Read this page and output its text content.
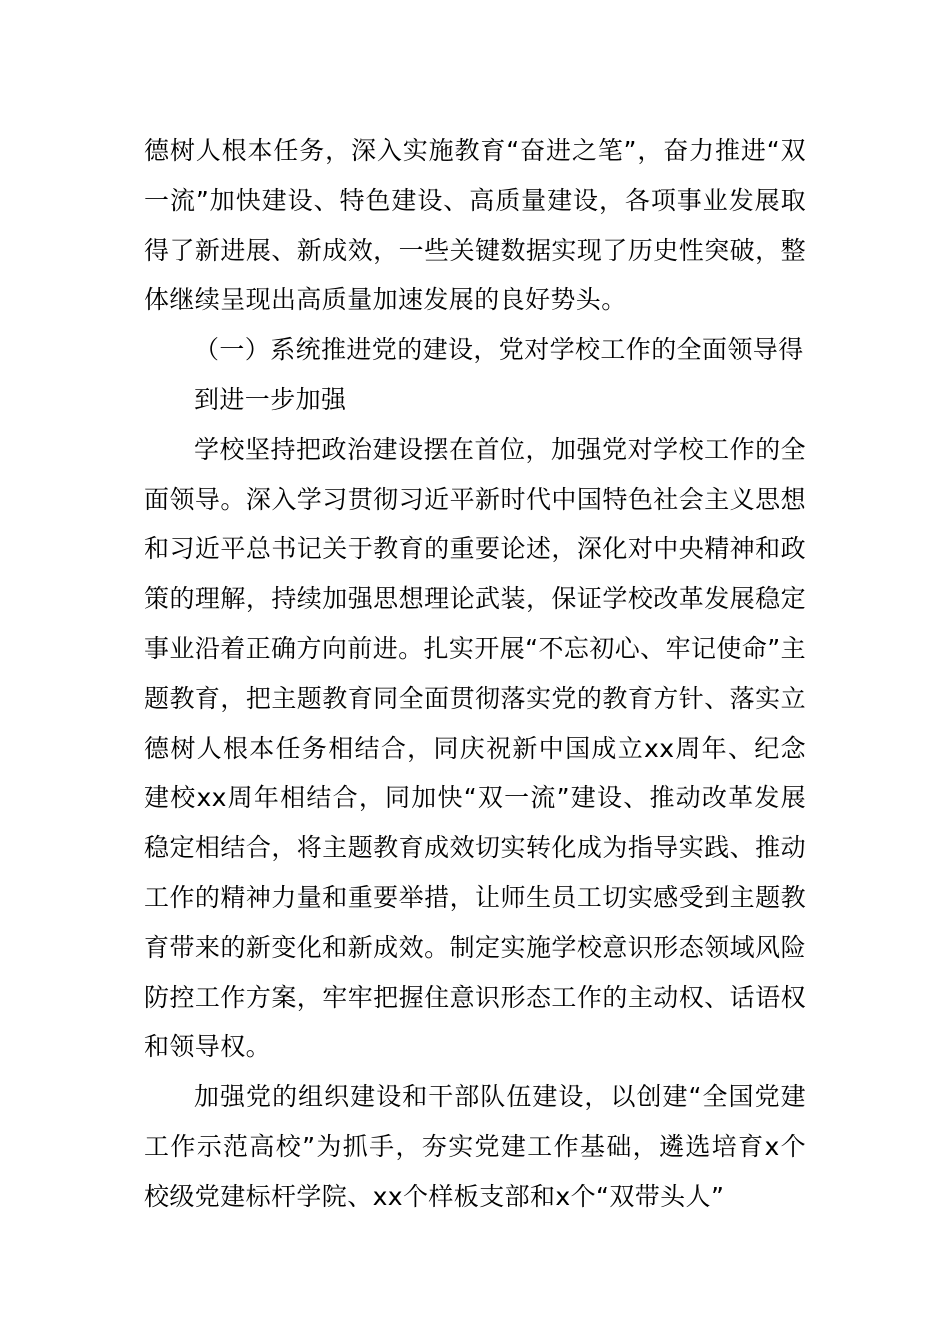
德树人根本任务，深入实施教育“奋进之笔”，奋力推进“双一流”加快建设、特色建设、高质量建设，各项事业发展取得了新进展、新成效，一些关键数据实现了历史性突破，整体继续呈现出高质量加速发展的良好势头。

（一）系统推进党的建设，党对学校工作的全面领导得到进一步加强

学校坚持把政治建设摆在首位，加强党对学校工作的全面领导。深入学习贯彻习近平新时代中国特色社会主义思想和习近平总书记关于教育的重要论述，深化对中央精神和政策的理解，持续加强思想理论武装，保证学校改革发展稳定事业沿着正确方向前进。扎实开展“不忘初心、牢记使命”主题教育，把主题教育同全面贯彻落实党的教育方针、落实立德树人根本任务相结合，同庆祝新中国成立xx周年、纪念建校xx周年相结合，同加快“双一流”建设、推动改革发展稳定相结合，将主题教育成效切实转化成为指导实践、推动工作的精神力量和重要举措，让师生员工切实感受到主题教育带来的新变化和新成效。制定实施学校意识形态领域风险防控工作方案，牢牢把握住意识形态工作的主动权、话语权和领导权。

加强党的组织建设和干部队伍建设，以创建“全国党建工作示范高校”为抓手，夯实党建工作基础，遴选培育x个校级党建标杆学院、xx个样板支部和x个“双带头人”
